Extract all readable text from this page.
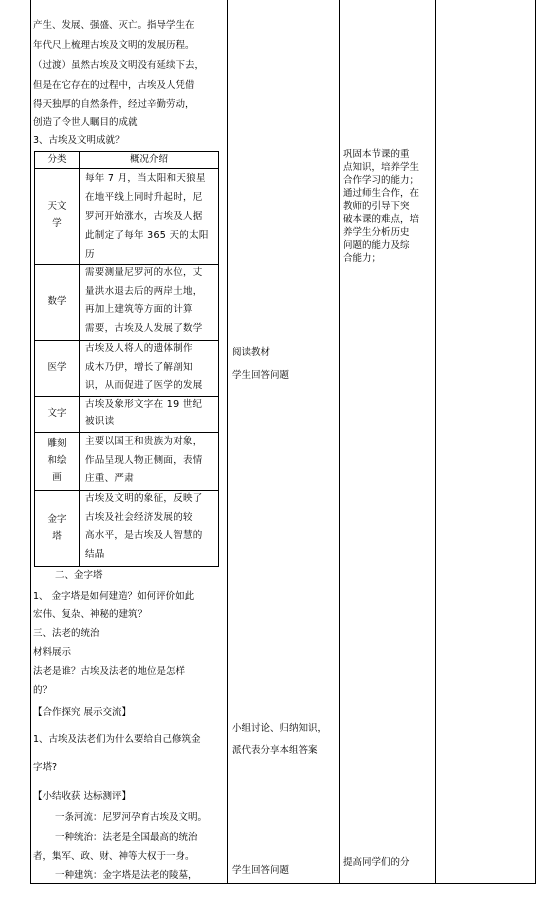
产生、发展、强盛、灭亡。指导学生在
年代尺上梳理古埃及文明的发展历程。
（过渡）虽然古埃及文明没有延续下去，
但是在它存在的过程中，古埃及人凭借
得天独厚的自然条件，经过辛勤劳动，
创造了令世人瞩目的成就
3、古埃及文明成就？
分类	概况介绍
天文
学
每年 7 月，当太阳和天狼星
在地平线上同时升起时，尼
罗河开始涨水，古埃及人据
此制定了每年 365 天的太阳
历
数学
需要测量尼罗河的水位，丈
量洪水退去后的两岸土地，
再加上建筑等方面的计算
需要，古埃及人发展了数学
医学
古埃及人将人的遗体制作
成木乃伊，增长了解剖知
识，从而促进了医学的发展
文字
古埃及象形文字在 19 世纪
被识读
雕刻
和绘
画
主要以国王和贵族为对象，
作品呈现人物正侧面，表情
庄重、严肃
金字
塔
古埃及文明的象征，反映了
古埃及社会经济发展的较
高水平，是古埃及人智慧的
结晶
二、金字塔
1、 金字塔是如何建造？如何评价如此
宏伟、复杂、神秘的建筑？
三、法老的统治
材料展示
法老是谁？古埃及法老的地位是怎样
的？
【合作探究 展示交流】
1、古埃及法老们为什么要给自己修筑金
字塔?
【小结收获 达标测评】
一条河流：尼罗河孕育古埃及文明。
一种统治：法老是全国最高的统治
者，集军、政、财、神等大权于一身。
一种建筑：金字塔是法老的陵墓，
阅读教材
学生回答问题
小组讨论、归纳知识，
派代表分享本组答案
学生回答问题
巩固本节课的重
点知识，培养学生
合作学习的能力；
通过师生合作，在
教师的引导下突
破本课的难点，培
养学生分析历史
问题的能力及综
合能力；
提高同学们的分
